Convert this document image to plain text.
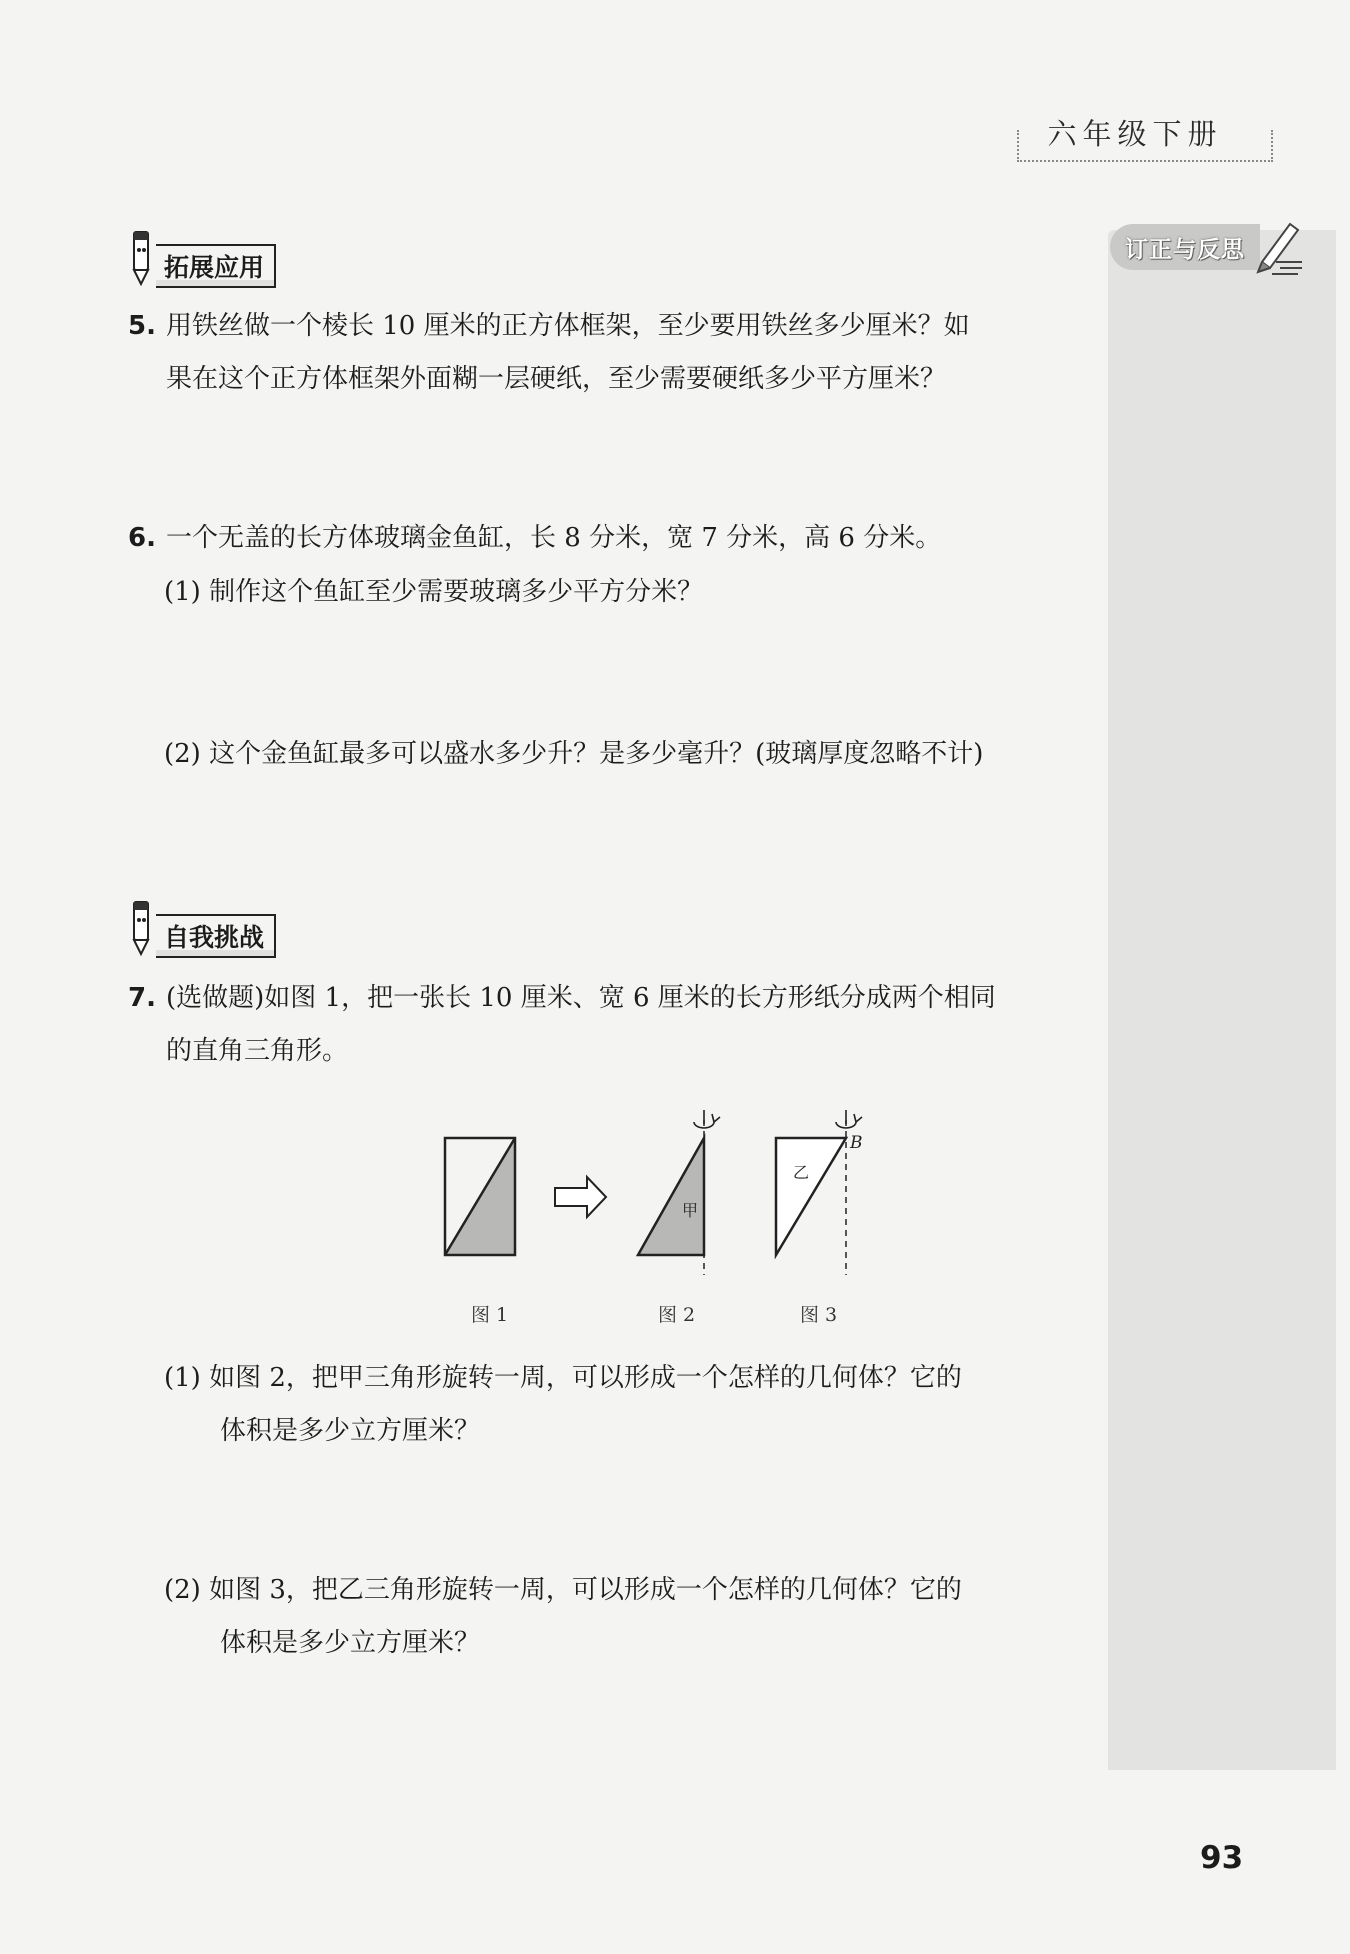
六年级下册
订正与反思
拓展应用
5. 用铁丝做一个棱长 10 厘米的正方体框架，至少要用铁丝多少厘米？如
果在这个正方体框架外面糊一层硬纸，至少需要硬纸多少平方厘米？
6. 一个无盖的长方体玻璃金鱼缸，长 8 分米，宽 7 分米，高 6 分米。
(1) 制作这个鱼缸至少需要玻璃多少平方分米？
(2) 这个金鱼缸最多可以盛水多少升？是多少毫升？(玻璃厚度忽略不计)
自我挑战
7. (选做题)如图 1，把一张长 10 厘米、宽 6 厘米的长方形纸分成两个相同
的直角三角形。
甲
乙
B
图 1	图 2	图 3
(1) 如图 2，把甲三角形旋转一周，可以形成一个怎样的几何体？它的
体积是多少立方厘米？
(2) 如图 3，把乙三角形旋转一周，可以形成一个怎样的几何体？它的
体积是多少立方厘米？
93
